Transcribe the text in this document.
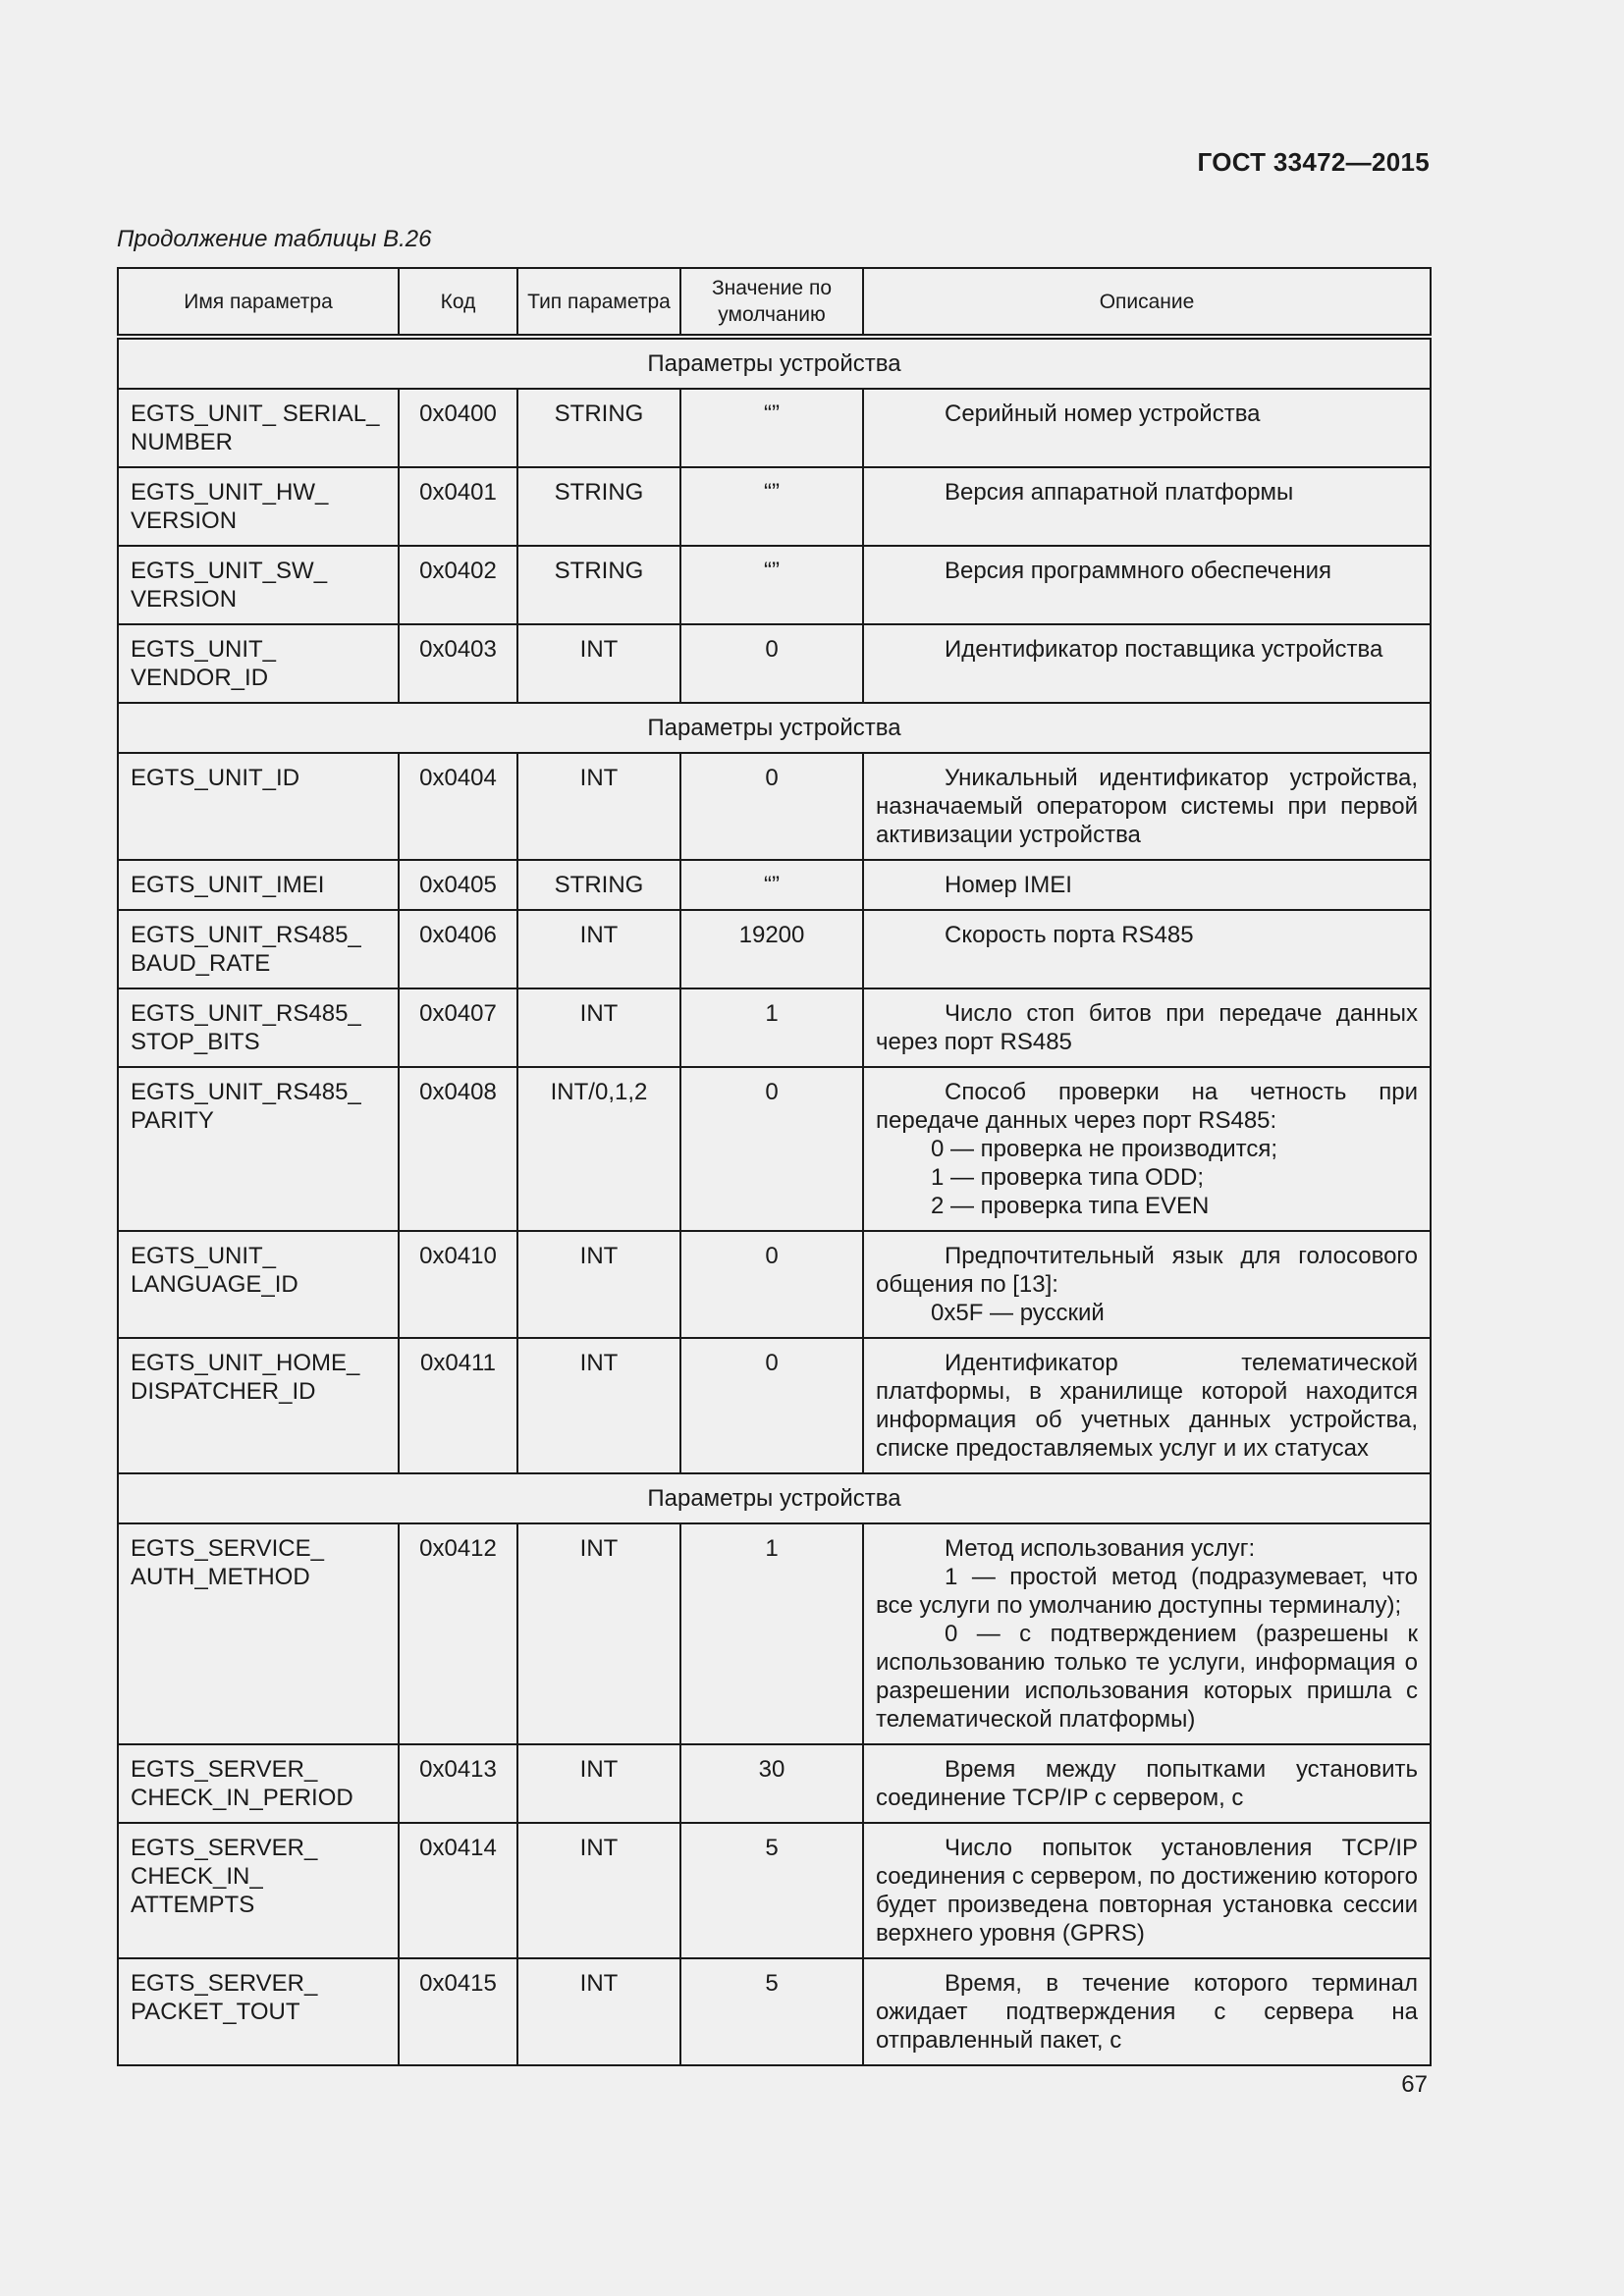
ГОСТ 33472—2015
Продолжение таблицы В.26
Имя параметра	Код	Тип параметра	Значение по умолчанию	Описание
Параметры устройства				
EGTS_UNIT_ SERIAL_ NUMBER	0x0400	STRING	“”	Серийный номер устройства

EGTS_UNIT_HW_ VERSION	0x0401	STRING	“”	Версия аппаратной платформы

EGTS_UNIT_SW_ VERSION	0x0402	STRING	“”	Версия программного обеспечения

EGTS_UNIT_ VENDOR_ID	0x0403	INT	0	Идентификатор поставщика устройства

Параметры устройства				
EGTS_UNIT_ID	0x0404	INT	0	Уникальный идентификатор устройства, назначаемый оператором системы при первой активизации устройства

EGTS_UNIT_IMEI	0x0405	STRING	“”	Номер IMEI

EGTS_UNIT_RS485_ BAUD_RATE	0x0406	INT	19200	Скорость порта RS485

EGTS_UNIT_RS485_ STOP_BITS	0x0407	INT	1	Число стоп битов при передаче данных через порт RS485

EGTS_UNIT_RS485_ PARITY	0x0408	INT/0,1,2	0	Способ проверки на четность при передаче данных через порт RS485:
0 — проверка не производится;
1 — проверка типа ODD;
2 — проверка типа EVEN

EGTS_UNIT_ LANGUAGE_ID	0x0410	INT	0	Предпочтительный язык для голосового общения по [13]:
0x5F — русский

EGTS_UNIT_HOME_ DISPATCHER_ID	0x0411	INT	0	Идентификатор телематической платформы, в хранилище которой находится информация об учетных данных устройства, списке предоставляемых услуг и их статусах

Параметры устройства				
EGTS_SERVICE_ AUTH_METHOD	0x0412	INT	1	Метод использования услуг:
1 — простой метод (подразумевает, что все услуги по умолчанию доступны терминалу);
0 — с подтверждением (разрешены к использованию только те услуги, информация о разрешении использования которых пришла с телематической платформы)

EGTS_SERVER_ CHECK_IN_PERIOD	0x0413	INT	30	Время между попытками установить соединение TCP/IP с сервером, с

EGTS_SERVER_ CHECK_IN_ ATTEMPTS	0x0414	INT	5	Число попыток установления TCP/IP соединения с сервером, по достижению которого будет произведена повторная установка сессии верхнего уровня (GPRS)

EGTS_SERVER_ PACKET_TOUT	0x0415	INT	5	Время, в течение которого терминал ожидает подтверждения с сервера на отправленный пакет, с
67
